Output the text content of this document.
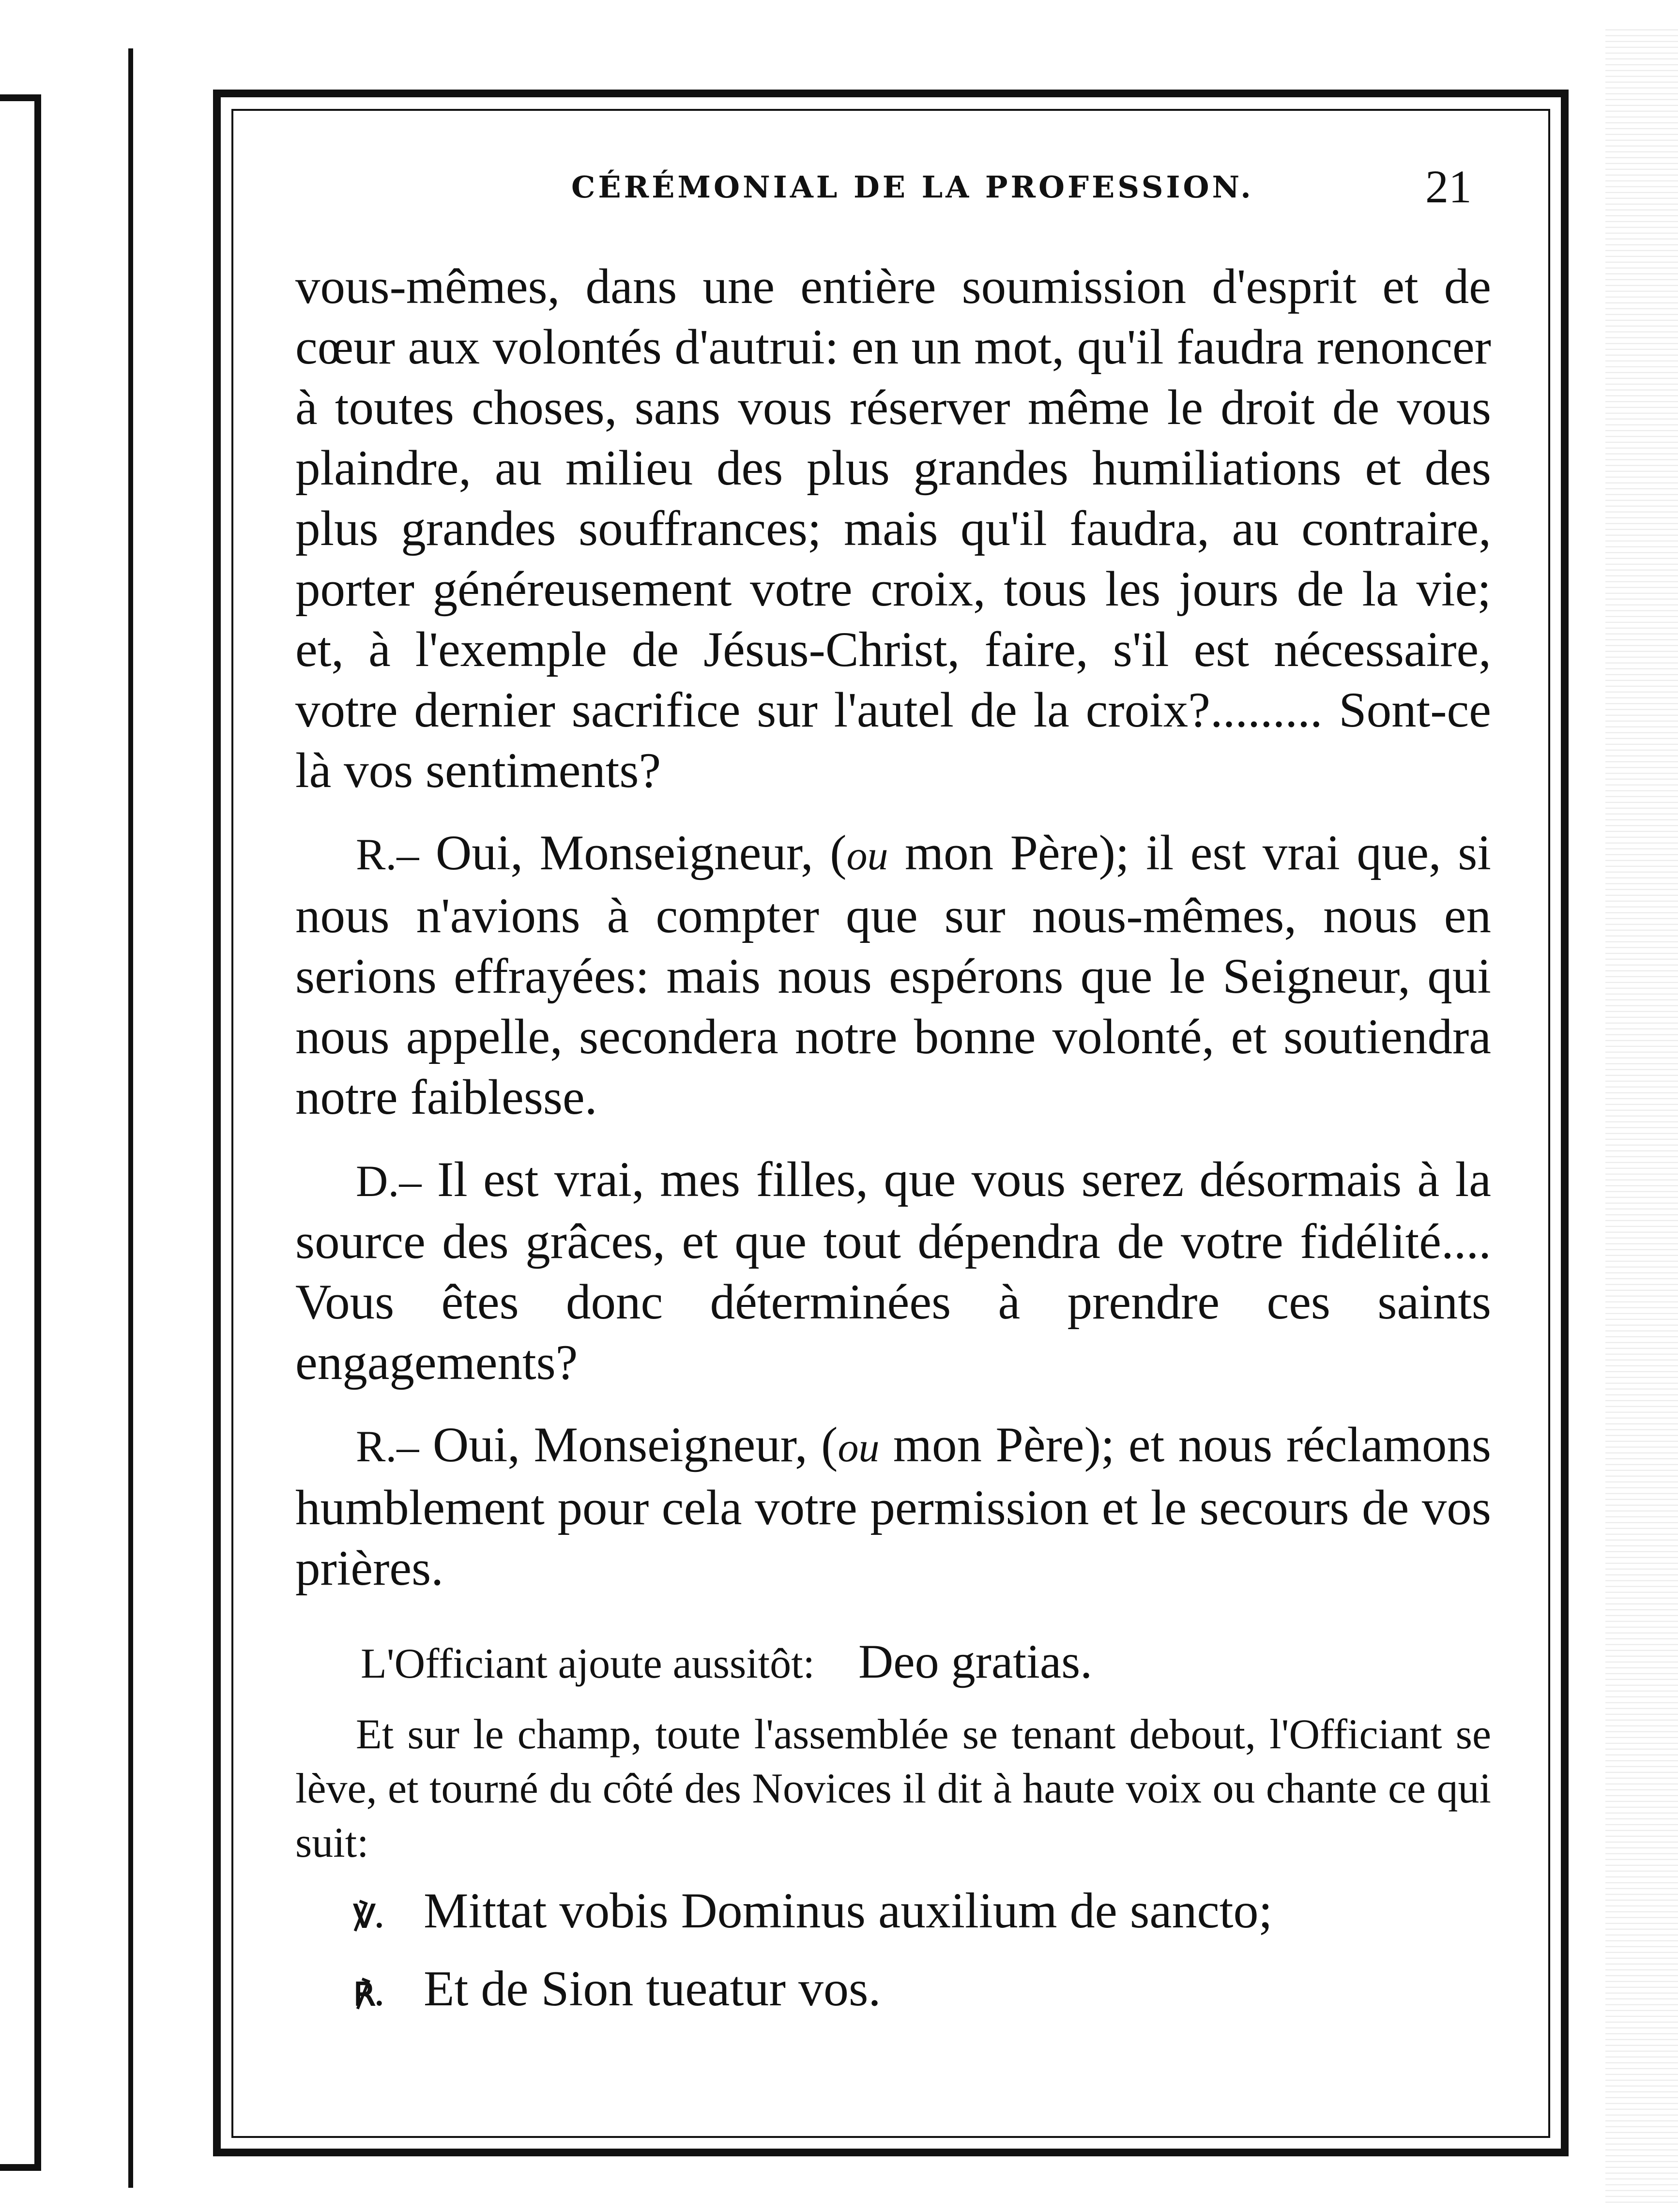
CÉRÉMONIAL DE LA PROFESSION.	21

vous-mêmes, dans une entière soumission d'esprit et de cœur aux volontés d'autrui: en un mot, qu'il faudra renoncer à toutes choses, sans vous réserver même le droit de vous plaindre, au milieu des plus grandes humiliations et des plus grandes souffrances; mais qu'il faudra, au contraire, porter généreusement votre croix, tous les jours de la vie; et, à l'exemple de Jésus-Christ, faire, s'il est nécessaire, votre dernier sacrifice sur l'autel de la croix?......... Sont-ce là vos sentiments?

R.– Oui, Monseigneur, (ou mon Père); il est vrai que, si nous n'avions à compter que sur nous-mêmes, nous en serions effrayées: mais nous espérons que le Seigneur, qui nous appelle, secondera notre bonne volonté, et soutiendra notre faiblesse.

D.– Il est vrai, mes filles, que vous serez désormais à la source des grâces, et que tout dépendra de votre fidélité.... Vous êtes donc déterminées à prendre ces saints engagements?

R.– Oui, Monseigneur, (ou mon Père); et nous réclamons humblement pour cela votre permission et le secours de vos prières.

L'Officiant ajoute aussitôt: Deo gratias.

Et sur le champ, toute l'assemblée se tenant debout, l'Officiant se lève, et tourné du côté des Novices il dit à haute voix ou chante ce qui suit:

℣. Mittat vobis Dominus auxilium de sancto;

℟. Et de Sion tueatur vos.
